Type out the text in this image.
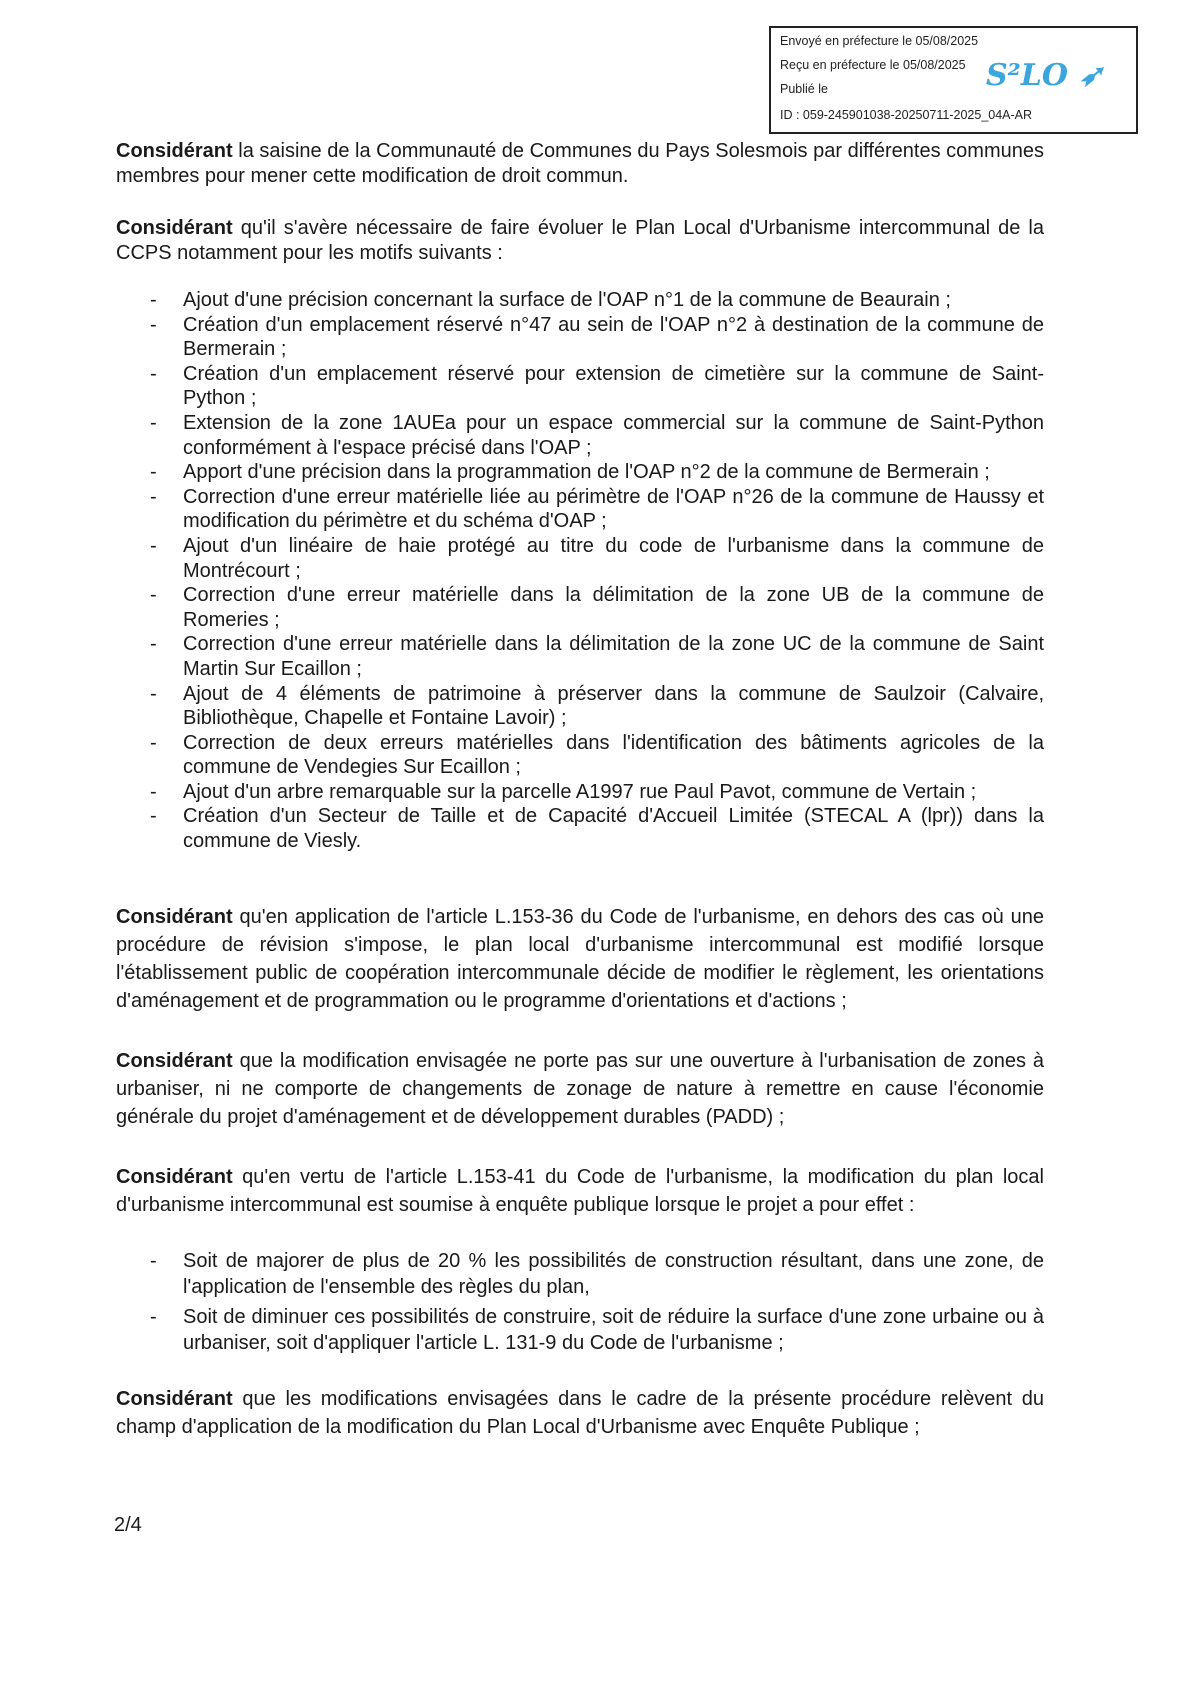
Envoyé en préfecture le 05/08/2025
Reçu en préfecture le 05/08/2025
Publié le
ID : 059-245901038-20250711-2025_04A-AR
S²LO ➶

Considérant la saisine de la Communauté de Communes du Pays Solesmois par différentes communes membres pour mener cette modification de droit commun.

Considérant qu'il s'avère nécessaire de faire évoluer le Plan Local d'Urbanisme intercommunal de la CCPS notamment pour les motifs suivants :

- Ajout d'une précision concernant la surface de l'OAP n°1 de la commune de Beaurain ;
- Création d'un emplacement réservé n°47 au sein de l'OAP n°2 à destination de la commune de Bermerain ;
- Création d'un emplacement réservé pour extension de cimetière sur la commune de Saint-Python ;
- Extension de la zone 1AUEa pour un espace commercial sur la commune de Saint-Python conformément à l'espace précisé dans l'OAP ;
- Apport d'une précision dans la programmation de l'OAP n°2 de la commune de Bermerain ;
- Correction d'une erreur matérielle liée au périmètre de l'OAP n°26 de la commune de Haussy et modification du périmètre et du schéma d'OAP ;
- Ajout d'un linéaire de haie protégé au titre du code de l'urbanisme dans la commune de Montrécourt ;
- Correction d'une erreur matérielle dans la délimitation de la zone UB de la commune de Romeries ;
- Correction d'une erreur matérielle dans la délimitation de la zone UC de la commune de Saint Martin Sur Ecaillon ;
- Ajout de 4 éléments de patrimoine à préserver dans la commune de Saulzoir (Calvaire, Bibliothèque, Chapelle et Fontaine Lavoir) ;
- Correction de deux erreurs matérielles dans l'identification des bâtiments agricoles de la commune de Vendegies Sur Ecaillon ;
- Ajout d'un arbre remarquable sur la parcelle A1997 rue Paul Pavot, commune de Vertain ;
- Création d'un Secteur de Taille et de Capacité d'Accueil Limitée (STECAL A (lpr)) dans la commune de Viesly.

Considérant qu'en application de l'article L.153-36 du Code de l'urbanisme, en dehors des cas où une procédure de révision s'impose, le plan local d'urbanisme intercommunal est modifié lorsque l'établissement public de coopération intercommunale décide de modifier le règlement, les orientations d'aménagement et de programmation ou le programme d'orientations et d'actions ;

Considérant que la modification envisagée ne porte pas sur une ouverture à l'urbanisation de zones à urbaniser, ni ne comporte de changements de zonage de nature à remettre en cause l'économie générale du projet d'aménagement et de développement durables (PADD) ;

Considérant qu'en vertu de l'article L.153-41 du Code de l'urbanisme, la modification du plan local d'urbanisme intercommunal est soumise à enquête publique lorsque le projet a pour effet :

- Soit de majorer de plus de 20 % les possibilités de construction résultant, dans une zone, de l'application de l'ensemble des règles du plan,
- Soit de diminuer ces possibilités de construire, soit de réduire la surface d'une zone urbaine ou à urbaniser, soit d'appliquer l'article L. 131-9 du Code de l'urbanisme ;

Considérant que les modifications envisagées dans le cadre de la présente procédure relèvent du champ d'application de la modification du Plan Local d'Urbanisme avec Enquête Publique ;

2/4
